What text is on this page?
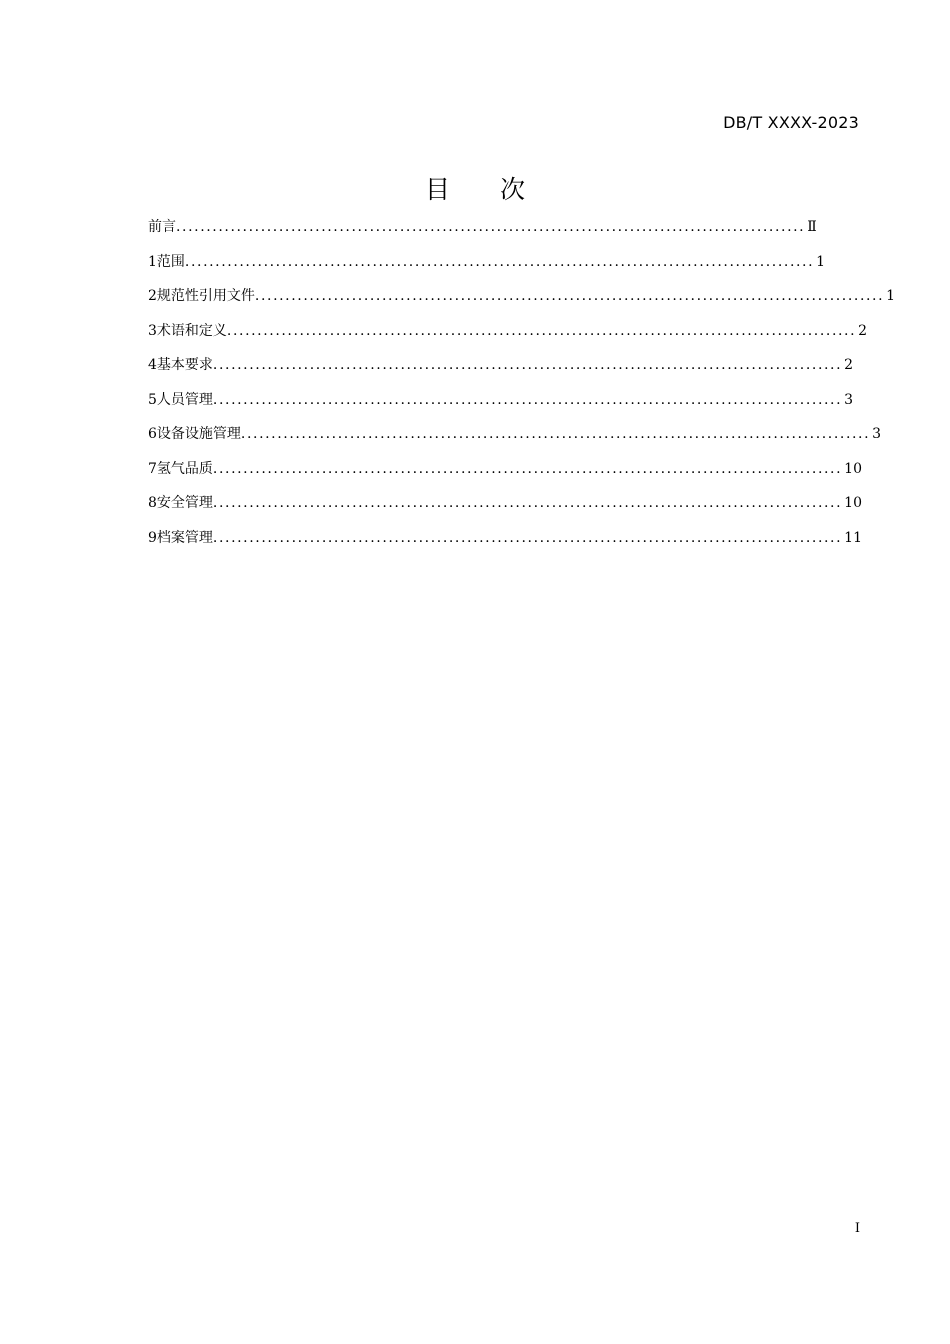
DB/T XXXX-2023
目 次
前言 ........................................................................................................ Ⅱ
1 范围 ........................................................................................................ 1
2 规范性引用文件 ........................................................................................................ 1
3 术语和定义 ........................................................................................................ 2
4 基本要求 ........................................................................................................ 2
5 人员管理 ........................................................................................................ 3
6 设备设施管理 ........................................................................................................ 3
7 氢气品质 ........................................................................................................ 10
8 安全管理 ........................................................................................................ 10
9 档案管理 ........................................................................................................ 11
I
